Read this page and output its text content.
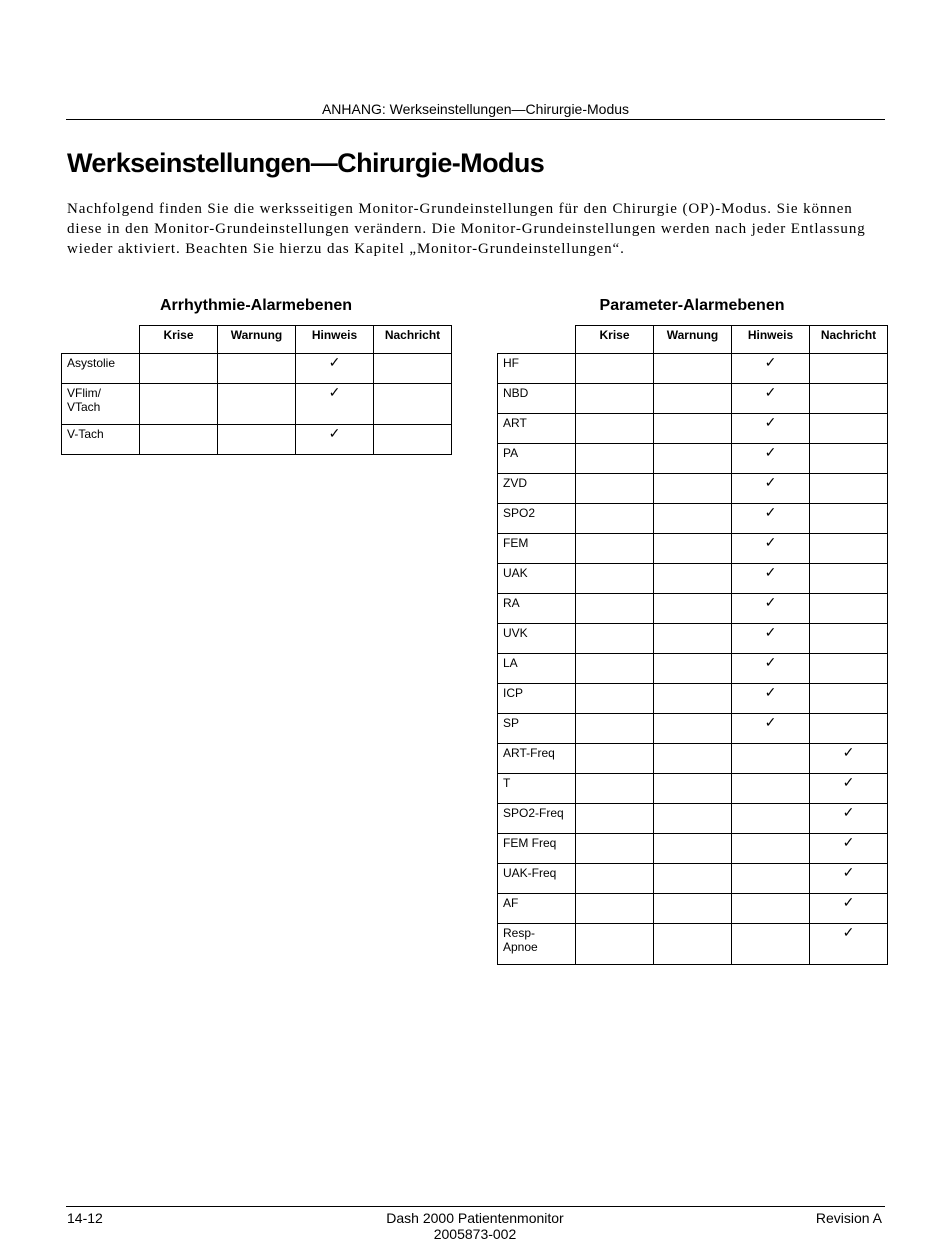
ANHANG: Werkseinstellungen—Chirurgie-Modus
Werkseinstellungen—Chirurgie-Modus

Nachfolgend finden Sie die werksseitigen Monitor-Grundeinstellungen für den Chirurgie (OP)-Modus. Sie können diese in den Monitor-Grundeinstellungen verändern. Die Monitor-Grundeinstellungen werden nach jeder Entlassung wieder aktiviert. Beachten Sie hierzu das Kapitel „Monitor-Grundeinstellungen“.

Arrhythmie-Alarmebenen
	Krise	Warnung	Hinweis	Nachricht
Asystolie			✓	
VFlim/
VTach			✓	
V-Tach			✓	
Parameter-Alarmebenen
	Krise	Warnung	Hinweis	Nachricht
HF			✓	
NBD			✓	
ART			✓	
PA			✓	
ZVD			✓	
SPO2			✓	
FEM			✓	
UAK			✓	
RA			✓	
UVK			✓	
LA			✓	
ICP			✓	
SP			✓	
ART-Freq				✓
T				✓
SPO2-Freq				✓
FEM Freq				✓
UAK-Freq				✓
AF				✓
Resp-
Apnoe				✓
14-12	Dash 2000 Patientenmonitor
2005873-002
Revision A
